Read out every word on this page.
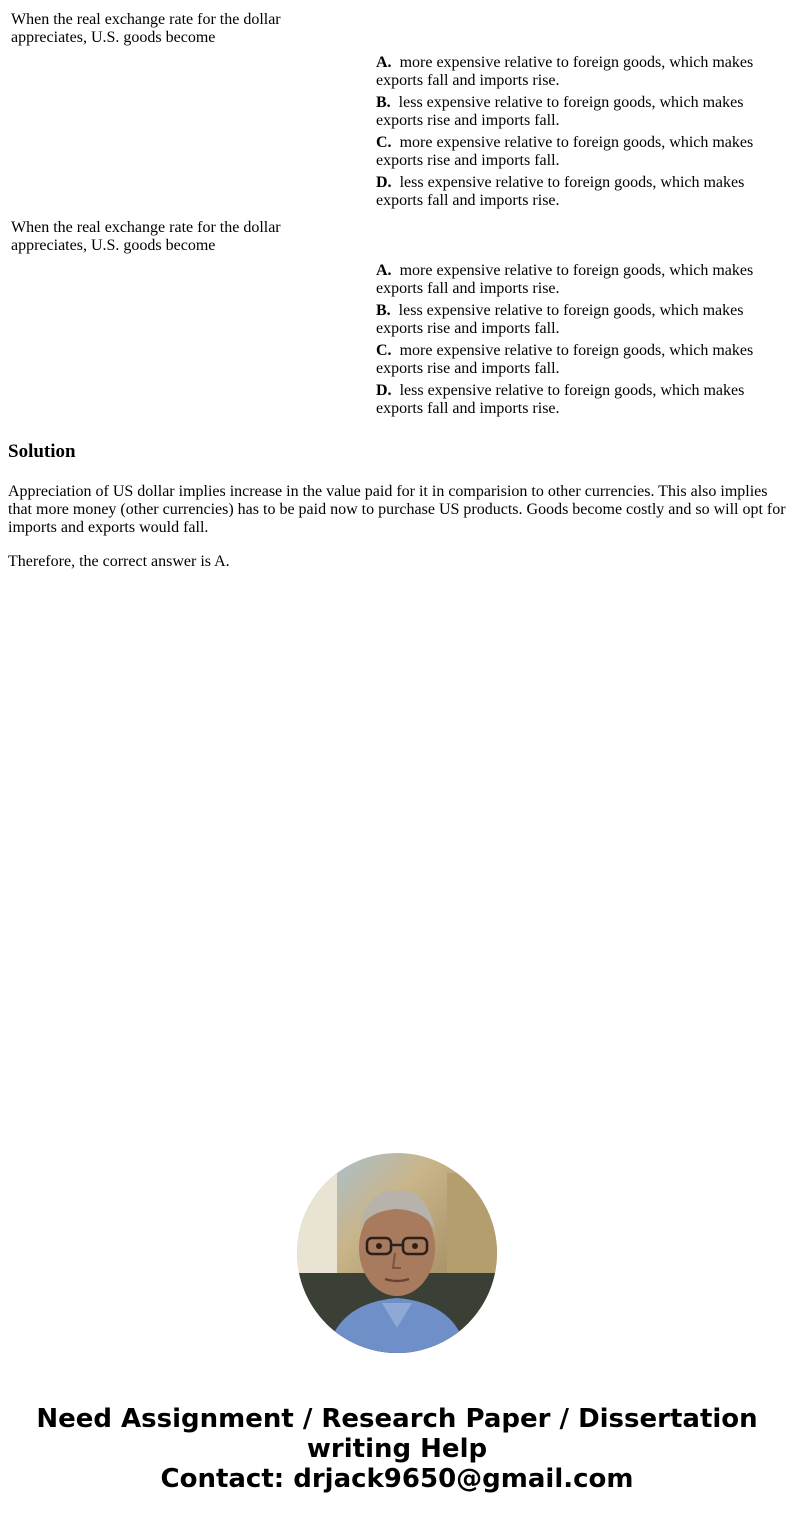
When the real exchange rate for the dollar appreciates, U.S. goods become

A. more expensive relative to foreign goods, which makes exports fall and imports rise.

B. less expensive relative to foreign goods, which makes exports rise and imports fall.

C. more expensive relative to foreign goods, which makes exports rise and imports fall.

D. less expensive relative to foreign goods, which makes exports fall and imports rise.

When the real exchange rate for the dollar appreciates, U.S. goods become

A. more expensive relative to foreign goods, which makes exports fall and imports rise.

B. less expensive relative to foreign goods, which makes exports rise and imports fall.

C. more expensive relative to foreign goods, which makes exports rise and imports fall.

D. less expensive relative to foreign goods, which makes exports fall and imports rise.

Solution

Appreciation of US dollar implies increase in the value paid for it in comparision to other currencies. This also implies that more money (other currencies) has to be paid now to purchase US products. Goods become costly and so will opt for imports and exports would fall.

Therefore, the correct answer is A.

Need Assignment / Research Paper / Dissertation
writing Help
Contact: drjack9650@gmail.com
